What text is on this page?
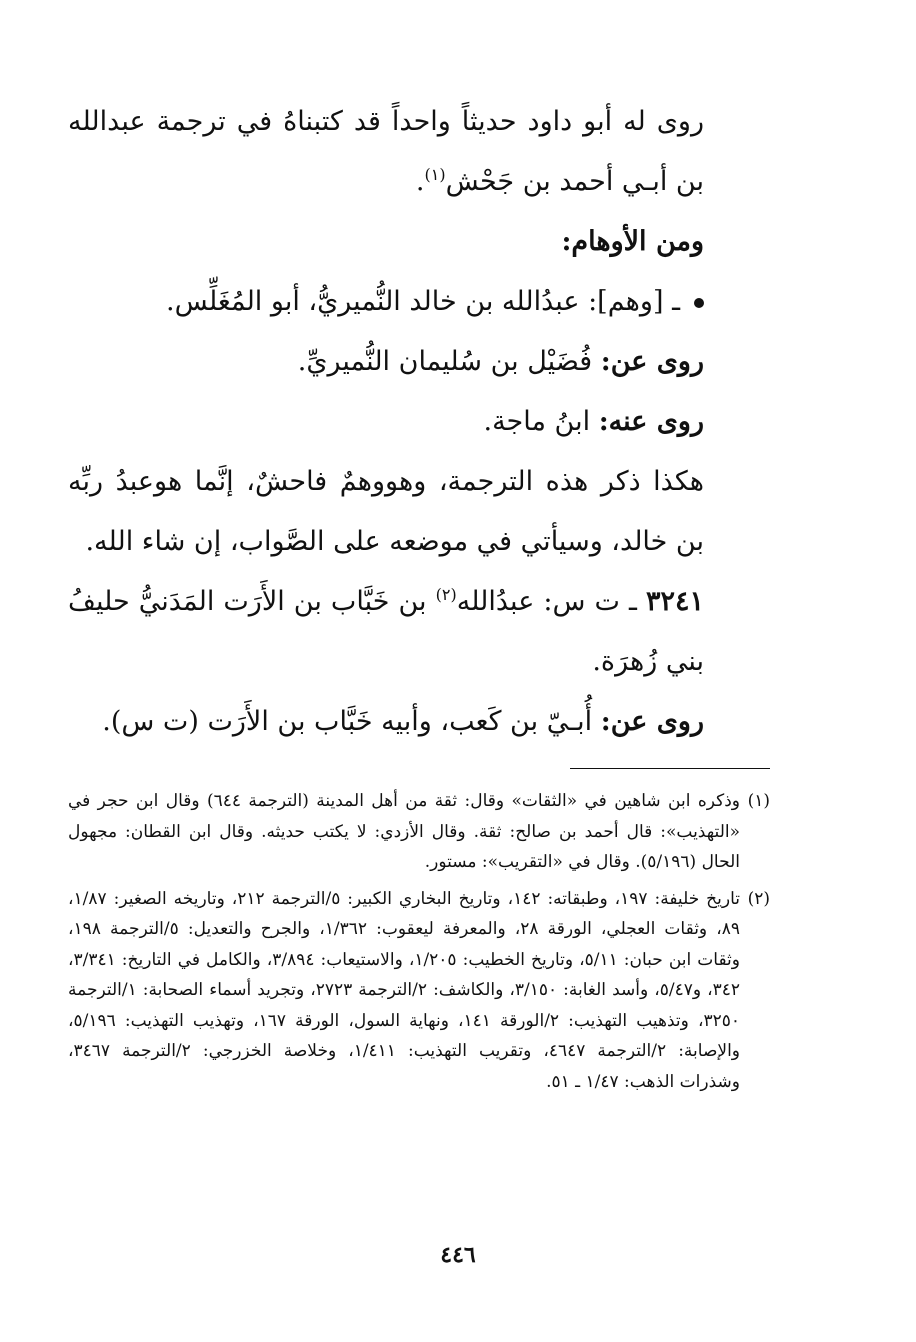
روى له أبو داود حديثاً واحداً قد كتبناهُ في ترجمة عبدالله بن أبـي أحمد بن جَحْش$^{(١)}$.

ومن الأوهام:

ـ [وهم]: عبدُالله بن خالد النُّميريُّ، أبو المُغَلِّس.

روى عن: فُضَيْل بن سُليمان النُّميريِّ.

روى عنه: ابنُ ماجة.

هكذا ذكر هذه الترجمة، وهووهمٌ فاحشٌ، إنَّما هوعبدُ ربِّه بن خالد، وسيأتي في موضعه على الصَّواب، إن شاء الله.

٣٢٤١ ـ ت س: عبدُالله$^{(٢)}$ بن خَبَّاب بن الأَرَت المَدَنيُّ حليفُ بني زُهرَة.

روى عن: أُبـيّ بن كَعب، وأبيه خَبَّاب بن الأَرَت (ت س).

(١)
وذكره ابن شاهين في «الثقات» وقال: ثقة من أهل المدينة (الترجمة ٦٤٤) وقال ابن حجر في «التهذيب»: قال أحمد بن صالح: ثقة. وقال الأزدي: لا يكتب حديثه. وقال ابن القطان: مجهول الحال (٥/١٩٦). وقال في «التقريب»: مستور.
(٢)
تاريخ خليفة: ١٩٧، وطبقاته: ١٤٢، وتاريخ البخاري الكبير: ٥/الترجمة ٢١٢، وتاريخه الصغير: ١/٨٧، ٨٩، وثقات العجلي، الورقة ٢٨، والمعرفة ليعقوب: ١/٣٦٢، والجرح والتعديل: ٥/الترجمة ١٩٨، وثقات ابن حبان: ٥/١١، وتاريخ الخطيب: ١/٢٠٥، والاستيعاب: ٣/٨٩٤، والكامل في التاريخ: ٣/٣٤١، ٣٤٢، و٥/٤٧، وأسد الغابة: ٣/١٥٠، والكاشف: ٢/الترجمة ٢٧٢٣، وتجريد أسماء الصحابة: ١/الترجمة ٣٢٥٠، وتذهيب التهذيب: ٢/الورقة ١٤١، ونهاية السول، الورقة ١٦٧، وتهذيب التهذيب: ٥/١٩٦، والإصابة: ٢/الترجمة ٤٦٤٧، وتقريب التهذيب: ١/٤١١، وخلاصة الخزرجي: ٢/الترجمة ٣٤٦٧، وشذرات الذهب: ١/٤٧ ـ ٥١.
٤٤٦
